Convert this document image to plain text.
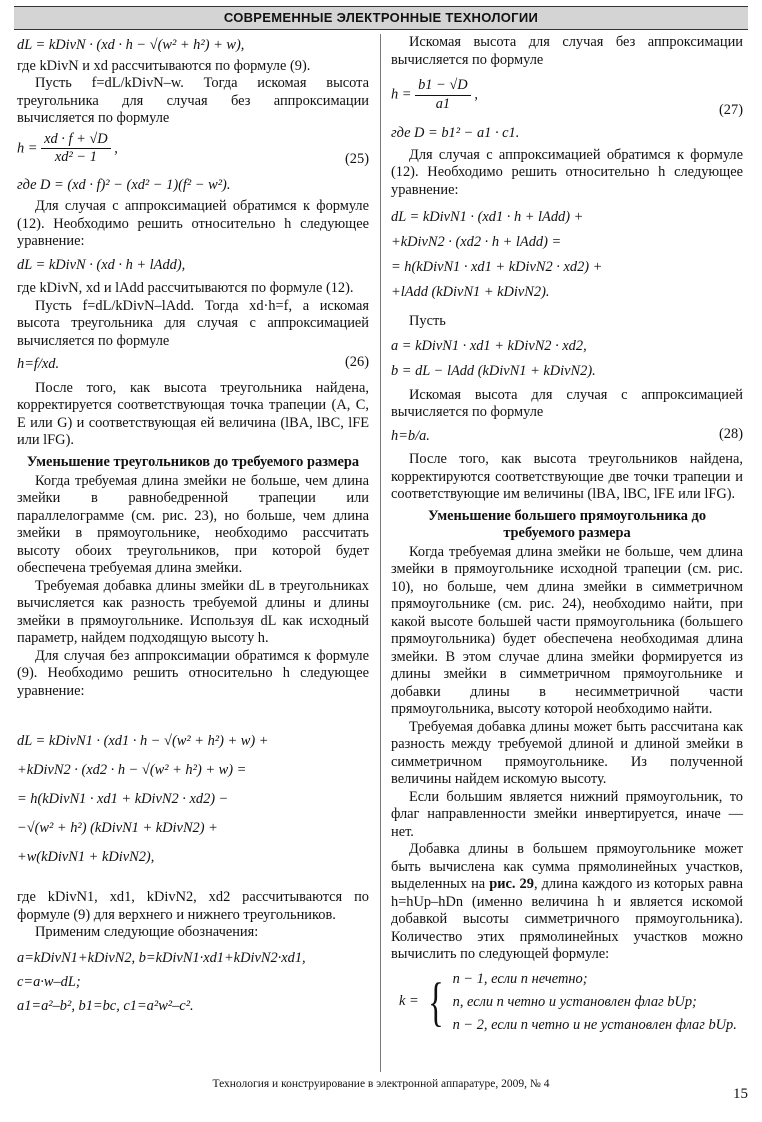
СОВРЕМЕННЫЕ ЭЛЕКТРОННЫЕ ТЕХНОЛОГИИ
dL = kDivN · (xd · h − √(w² + h²) + w),

где kDivN и xd рассчитываются по формуле (9).

Пусть f=dL/kDivN–w. Тогда искомая высота треугольника для случая без аппроксимации вычисляется по формуле

$h = \frac{xd \cdot f + √D}{\text{xd² − 1}}$ ,
(25)

где D = (xd · f)² − (xd² − 1)(f² − w²).

Для случая с аппроксимацией обратимся к формуле (12). Необходимо решить относительно h следующее уравнение:

dL = kDivN · (xd · h + lAdd),

где kDivN, xd и lAdd рассчитываются по формуле (12).

Пусть f=dL/kDivN–lAdd. Тогда xd·h=f, а искомая высота треугольника для случая с аппроксимацией вычисляется по формуле

h=f/xd.	(26)

После того, как высота треугольника найдена, корректируется соответствующая точка трапеции (A, C, E или G) и соответствующая ей величина (lBA, lBC, lFE или lFG).

Уменьшение треугольников до требуемого размера

Когда требуемая длина змейки не больше, чем длина змейки в равнобедренной трапеции или параллелограмме (см. рис. 23), но больше, чем длина змейки в прямоугольнике, необходимо рассчитать высоту обоих треугольников, при которой будет обеспечена требуемая длина змейки.

Требуемая добавка длины змейки dL в треугольниках вычисляется как разность требуемой длины и длины змейки в прямоугольнике. Используя dL как исходный параметр, найдем подходящую высоту h.

Для случая без аппроксимации обратимся к формуле (9). Необходимо решить относительно h следующее уравнение:

dL = kDivN1 · (xd1 · h − √(w² + h²) + w) +
+kDivN2 · (xd2 · h − √(w² + h²) + w) =
= h(kDivN1 · xd1 + kDivN2 · xd2) −
−√(w² + h²) (kDivN1 + kDivN2) +
+w(kDivN1 + kDivN2),

где kDivN1, xd1, kDivN2, xd2 рассчитываются по формуле (9) для верхнего и нижнего треугольников.

Применим следующие обозначения:

a=kDivN1+kDivN2, b=kDivN1·xd1+kDivN2·xd1,
c=a·w–dL;
a1=a²–b², b1=bc, c1=a²w²–c².

Искомая высота для случая без аппроксимации вычисляется по формуле

$h = \frac{b1 - √D}{a1}$ ,
(27)

где D = b1² − a1 · c1.

Для случая с аппроксимацией обратимся к формуле (12). Необходимо решить относительно h следующее уравнение:

dL = kDivN1 · (xd1 · h + lAdd) +
+kDivN2 · (xd2 · h + lAdd) =
= h(kDivN1 · xd1 + kDivN2 · xd2) +
+lAdd (kDivN1 + kDivN2).

Пусть

a = kDivN1 · xd1 + kDivN2 · xd2,
b = dL − lAdd (kDivN1 + kDivN2).

Искомая высота для случая с аппроксимацией вычисляется по формуле

h=b/a.	(28)

После того, как высота треугольников найдена, корректируются соответствующие две точки трапеции и соответствующие им величины (lBA, lBC, lFE или lFG).

Уменьшение большего прямоугольника до требуемого размера

Когда требуемая длина змейки не больше, чем длина змейки в прямоугольнике исходной трапеции (см. рис. 10), но больше, чем длина змейки в симметричном прямоугольнике (см. рис. 24), необходимо найти, при какой высоте большей части прямоугольника (большего прямоугольника) будет обеспечена необходимая длина змейки. В этом случае длина змейки формируется из длины змейки в симметричном прямоугольнике и добавки длины в несимметричной части прямоугольника, высоту которой необходимо найти.

Требуемая добавка длины может быть рассчитана как разность между требуемой длиной и длиной змейки в симметричном прямоугольнике. Из полученной величины найдем искомую высоту.

Если большим является нижний прямоугольник, то флаг направленности змейки инвертируется, иначе — нет.

Добавка длины в большем прямоугольнике может быть вычислена как сумма прямолинейных участков, выделенных на рис. 29, длина каждого из которых равна h=hUp–hDn (именно величина h и является искомой добавкой высоты симметричного прямоугольника). Количество этих прямолинейных участков можно вычислить по следующей формуле:

k = { n − 1, если n нечетно;
n, если n четно и установлен флаг bUp;
n − 2, если n четно и не установлен флаг bUp.
Технология и конструирование в электронной аппаратуре, 2009, № 4
15
